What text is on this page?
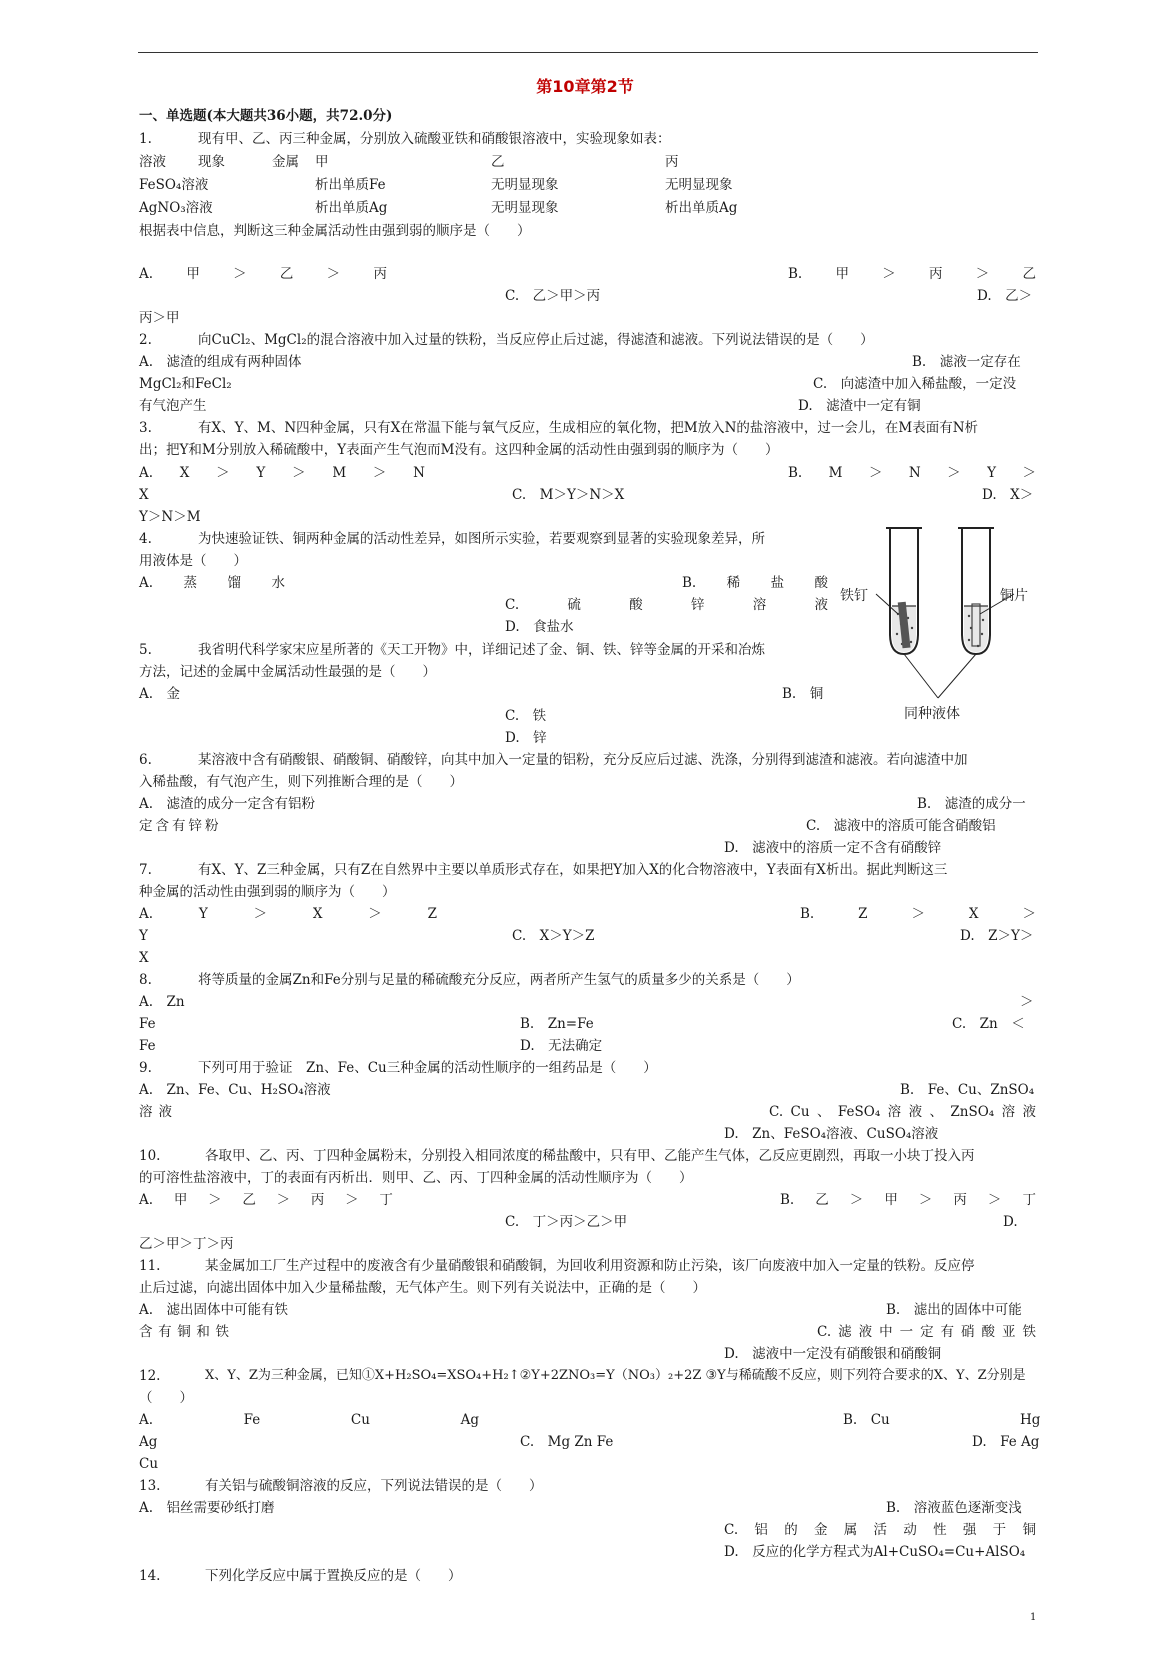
第10章第2节
一、单选题(本大题共36小题，共72.0分)
1.	现有甲、乙、丙三种金属，分别放入硫酸亚铁和硝酸银溶液中，实验现象如表：
溶液 现象	金属 甲	乙	丙
FeSO₄溶液	析出单质Fe	无明显现象	无明显现象
AgNO₃溶液	析出单质Ag	无明显现象	析出单质Ag
根据表中信息，判断这三种金属活动性由强到弱的顺序是（　　）
A. 甲 ＞ 乙 ＞ 丙	B. 甲 ＞ 丙 ＞ 乙
C.　乙＞甲＞丙	D.　乙＞
丙＞甲
2.	向CuCl₂、MgCl₂的混合溶液中加入过量的铁粉，当反应停止后过滤，得滤渣和滤液。下列说法错误的是（　　）
A.　滤渣的组成有两种固体	B.　滤液一定存在
MgCl₂和FeCl₂	C.　向滤渣中加入稀盐酸，一定没
有气泡产生	D.　滤渣中一定有铜
3.	有X、Y、M、N四种金属，只有X在常温下能与氧气反应，生成相应的氧化物，把M放入N的盐溶液中，过一会儿，在M表面有N析
出；把Y和M分别放入稀硫酸中，Y表面产生气泡而M没有。这四种金属的活动性由强到弱的顺序为（　　）
A. X ＞ Y ＞ M ＞ N	B. M ＞ N ＞ Y ＞
X	C.　M＞Y＞N＞X	D.　X＞
Y＞N＞M
4.	为快速验证铁、铜两种金属的活动性差异，如图所示实验，若要观察到显著的实验现象差异，所
用液体是（　　）
A. 蒸 馏 水	B. 稀 盐 酸
C.	硫	酸	锌	溶	液
D.　食盐水
铁钉	铜片
同种液体
5.	我省明代科学家宋应星所著的《天工开物》中，详细记述了金、铜、铁、锌等金属的开采和冶炼
方法，记述的金属中金属活动性最强的是（　　）
A.　金	B.　铜
C.　铁
D.　锌
6.	某溶液中含有硝酸银、硝酸铜、硝酸锌，向其中加入一定量的铝粉，充分反应后过滤、洗涤，分别得到滤渣和滤液。若向滤渣中加
入稀盐酸，有气泡产生，则下列推断合理的是（　　）
A.　滤渣的成分一定含有铝粉	B.　滤渣的成分一
定含有锌粉	C.　滤液中的溶质可能含硝酸铝
D.　滤液中的溶质一定不含有硝酸锌
7.	有X、Y、Z三种金属，只有Z在自然界中主要以单质形式存在，如果把Y加入X的化合物溶液中，Y表面有X析出。据此判断这三
种金属的活动性由强到弱的顺序为（　　）
A.	Y	＞	X	＞	Z	B.	Z	＞	X	＞
Y	C.　X＞Y＞Z	D.　Z＞Y＞
X
8.	将等质量的金属Zn和Fe分别与足量的稀硫酸充分反应，两者所产生氢气的质量多少的关系是（　　）
A.　Zn	＞
Fe	B.　Zn=Fe	C.　Zn　＜
Fe	D.　无法确定
9.	下列可用于验证　Zn、Fe、Cu三种金属的活动性顺序的一组药品是（　　）
A.　Zn、Fe、Cu、H₂SO₄溶液	B.　Fe、Cu、ZnSO₄
溶液	C. Cu 、 FeSO₄ 溶 液 、 ZnSO₄ 溶 液
D.　Zn、FeSO₄溶液、CuSO₄溶液
10.	各取甲、乙、丙、丁四种金属粉末，分别投入相同浓度的稀盐酸中，只有甲、乙能产生气体，乙反应更剧烈，再取一小块丁投入丙
的可溶性盐溶液中，丁的表面有丙析出．则甲、乙、丙、丁四种金属的活动性顺序为（　　）
A. 甲 ＞ 乙 ＞ 丙 ＞ 丁	B. 乙 ＞ 甲 ＞ 丙 ＞ 丁
C.　丁＞丙＞乙＞甲	D.
乙＞甲＞丁＞丙
11.	某金属加工厂生产过程中的废液含有少量硝酸银和硝酸铜，为回收利用资源和防止污染，该厂向废液中加入一定量的铁粉。反应停
止后过滤，向滤出固体中加入少量稀盐酸，无气体产生。则下列有关说法中，正确的是（　　）
A.　滤出固体中可能有铁	B.　滤出的固体中可能
含 有 铜 和 铁	C. 滤 液 中 一 定 有 硝 酸 亚 铁
D.　滤液中一定没有硝酸银和硝酸铜
12.	X、Y、Z为三种金属，已知①X+H₂SO₄=XSO₄+H₂↑②Y+2ZNO₃=Y（NO₃）₂+2Z ③Y与稀硫酸不反应，则下列符合要求的X、Y、Z分别是
（　　）
A.	Fe	Cu	Ag	B.　Cu	Hg
Ag	C.　Mg Zn Fe	D.　Fe Ag
Cu
13.	有关铝与硫酸铜溶液的反应，下列说法错误的是（　　）
A.　铝丝需要砂纸打磨	B.　溶液蓝色逐渐变浅
C. 铝 的 金 属 活 动 性 强 于 铜
D.　反应的化学方程式为Al+CuSO₄=Cu+AlSO₄
14.	下列化学反应中属于置换反应的是（　　）
1
